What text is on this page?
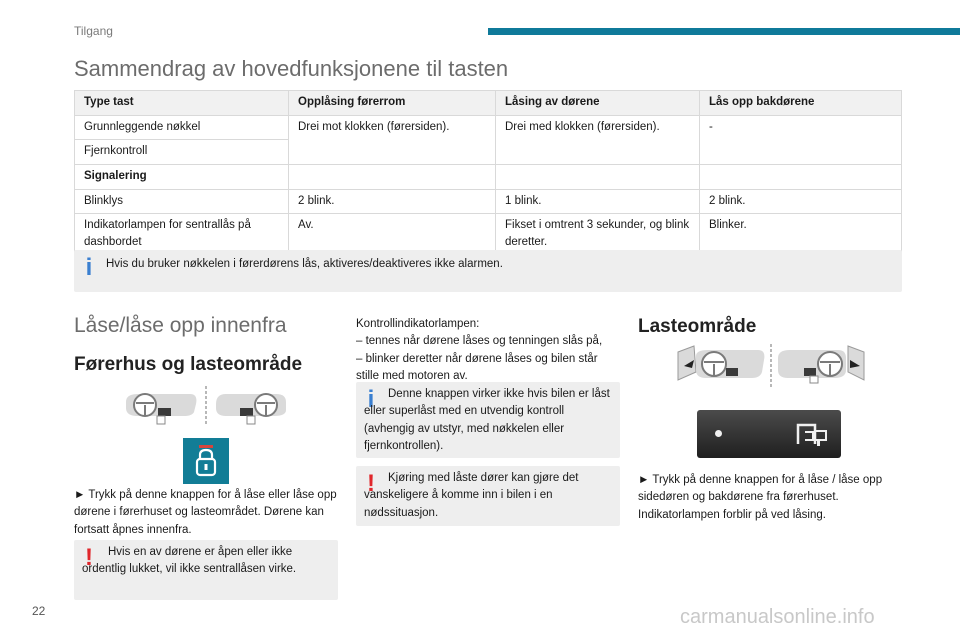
Tilgang
Sammendrag av hovedfunksjonene til tasten
Type tast	Opplåsing førerrom	Låsing av dørene	Lås opp bakdørene
Grunnleggende nøkkel	Drei mot klokken (førersiden).	Drei med klokken (førersiden).	-
Fjernkontroll			
Signalering			
Blinklys	2 blink.	1 blink.	2 blink.
Indikatorlampen for sentrallås på dashbordet	Av.	Fikset i omtrent 3 sekunder, og blink deretter.	Blinker.
i Hvis du bruker nøkkelen i førerdørens lås, aktiveres/deaktiveres ikke alarmen.
Låse/låse opp innenfra
Førerhus og lasteområde
► Trykk på denne knappen for å låse eller låse opp dørene i førerhuset og lasteområdet. Dørene kan fortsatt åpnes innenfra.
!	Hvis en av dørene er åpen eller ikke ordentlig lukket, vil ikke sentrallåsen virke.
Kontrollindikatorlampen:
– tennes når dørene låses og tenningen slås på,
– blinker deretter når dørene låses og bilen står stille med motoren av.
i	Denne knappen virker ikke hvis bilen er låst eller superlåst med en utvendig kontroll (avhengig av utstyr, med nøkkelen eller fjernkontrollen).
!	Kjøring med låste dører kan gjøre det vanskeligere å komme inn i bilen i en nødssituasjon.
Lasteområde
► Trykk på denne knappen for å låse / låse opp sidedøren og bakdørene fra førerhuset. Indikatorlampen forblir på ved låsing.
22	carmanualsonline.info
